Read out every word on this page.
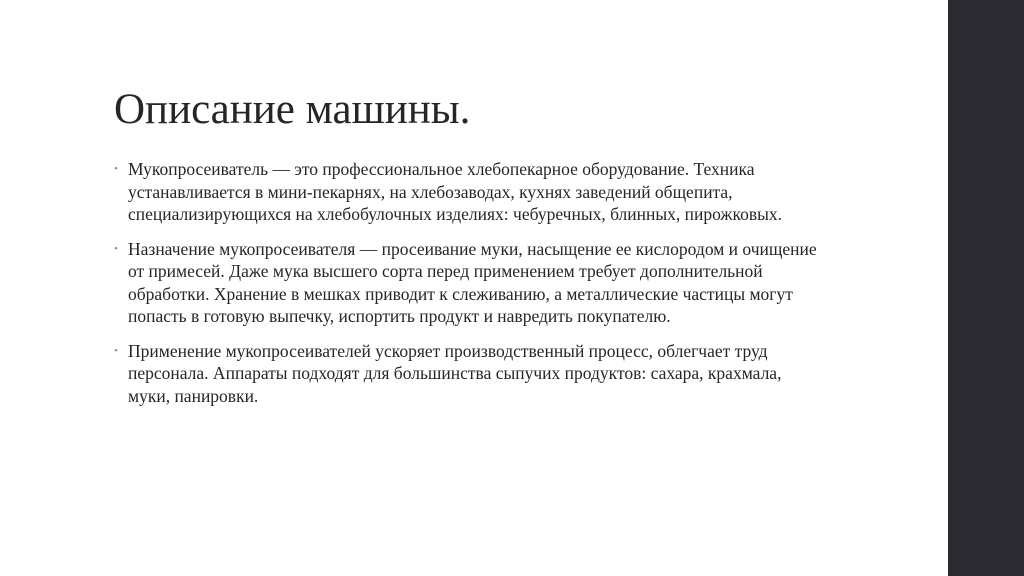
Описание машины.
• Мукопросеиватель — это профессиональное хлебопекарное оборудование. Техника устанавливается в мини-пекарнях, на хлебозаводах, кухнях заведений общепита, специализирующихся на хлебобулочных изделиях: чебуречных, блинных, пирожковых.
• Назначение мукопросеивателя — просеивание муки, насыщение ее кислородом и очищение от примесей. Даже мука высшего сорта перед применением требует дополнительной обработки. Хранение в мешках приводит к слеживанию, а металлические частицы могут попасть в готовую выпечку, испортить продукт и навредить покупателю.
• Применение мукопросеивателей ускоряет производственный процесс, облегчает труд персонала. Аппараты подходят для большинства сыпучих продуктов: сахара, крахмала, муки, панировки.
